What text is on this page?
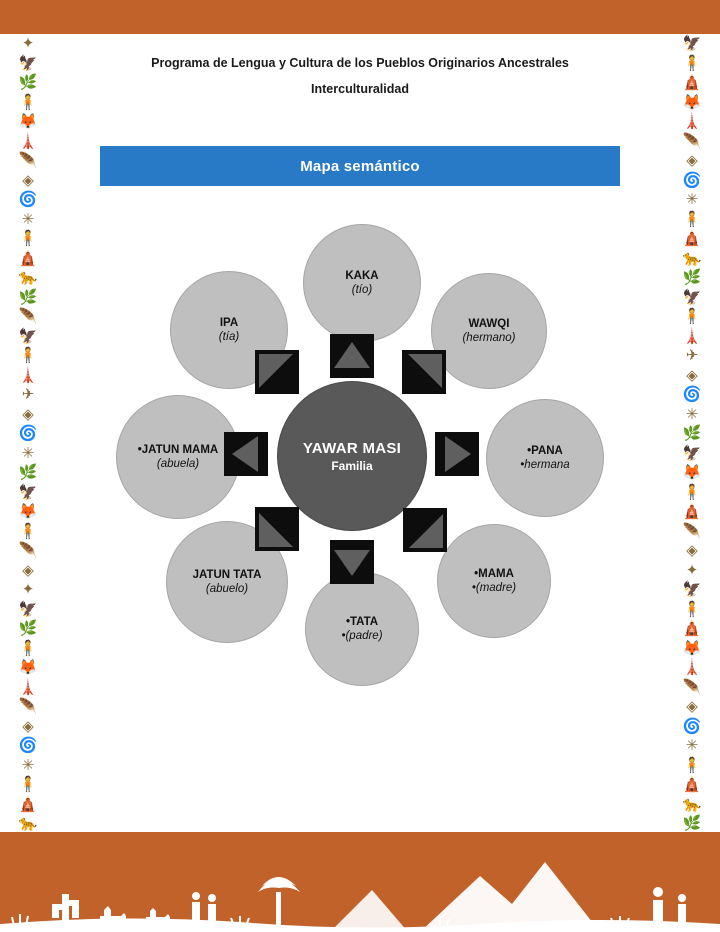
✦
🦅
🌿
🧍
🦊
🗼
🪶
◈
🌀
✳
🧍
🛕
🐆
🌿
🪶
🦅
🧍
🗼
✈
◈
🌀
✳
🌿
🦅
🦊
🧍
🪶
◈
✦
🦅
🌿
🧍
🦊
🗼
🪶
◈
🌀
✳
🧍
🛕
🐆
🦅
🧍
🛕
🦊
🗼
🪶
◈
🌀
✳
🧍
🛕
🐆
🌿
🦅
🧍
🗼
✈
◈
🌀
✳
🌿
🦅
🦊
🧍
🛕
🪶
◈
✦
🦅
🧍
🛕
🦊
🗼
🪶
◈
🌀
✳
🧍
🛕
🐆
🌿
Programa de Lengua y Cultura de los Pueblos Originarios Ancestrales
Interculturalidad
Mapa semántico
YAWAR MASI
Familia
KAKA
(tío)
WAWQI
(hermano)
•PANA
•hermana
•MAMA
•(madre)
•TATA
•(padre)
JATUN TATA
(abuelo)
•JATUN MAMA
(abuela)
IPA
(tía)
